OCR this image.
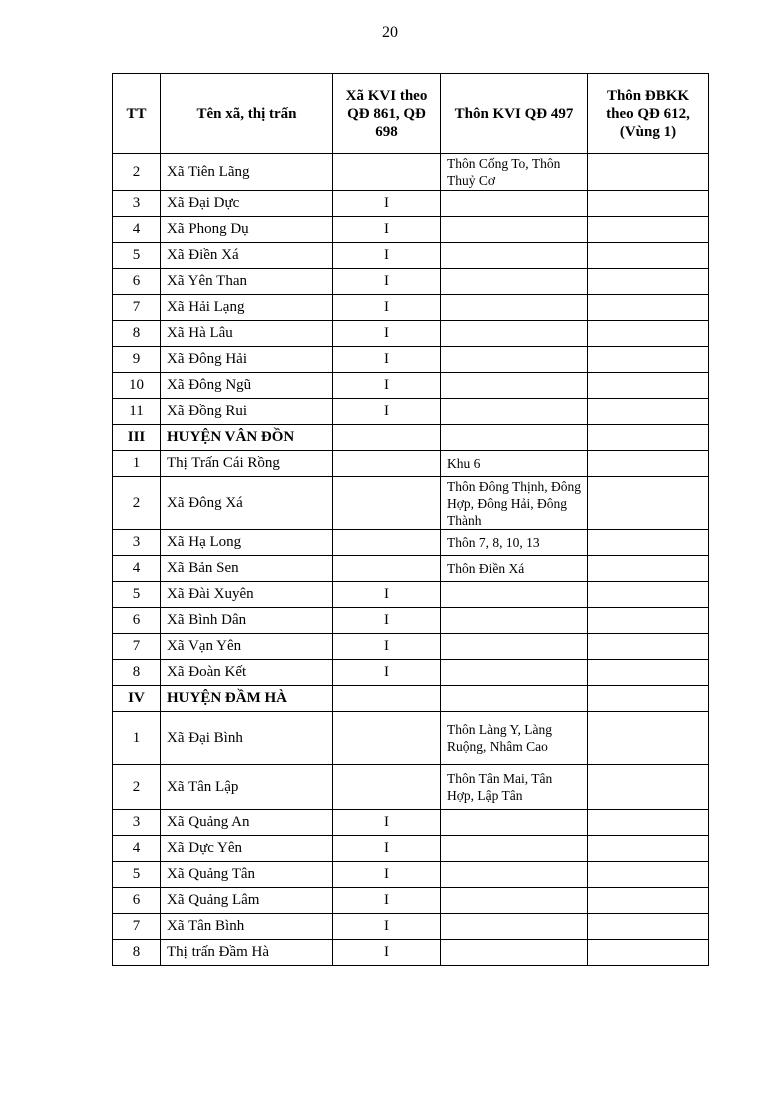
20
TT	Tên xã, thị trấn	Xã KVI theo QĐ 861, QĐ 698	Thôn KVI QĐ 497	Thôn ĐBKK theo QĐ 612, (Vùng 1)
2	Xã Tiên Lãng		Thôn Cống To, Thôn Thuỷ Cơ	
3	Xã Đại Dực	I		
4	Xã Phong Dụ	I		
5	Xã Điền Xá	I		
6	Xã Yên Than	I		
7	Xã Hải Lạng	I		
8	Xã Hà Lâu	I		
9	Xã Đông Hải	I		
10	Xã Đông Ngũ	I		
11	Xã Đồng Rui	I		
III	HUYỆN VÂN ĐỒN			
1	Thị Trấn Cái Rồng		Khu 6	
2	Xã Đông Xá		Thôn Đông Thịnh, Đông Hợp, Đông Hải, Đông Thành	
3	Xã Hạ Long		Thôn 7, 8, 10, 13	
4	Xã Bản Sen		Thôn Điền Xá	
5	Xã Đài Xuyên	I		
6	Xã Bình Dân	I		
7	Xã Vạn Yên	I		
8	Xã Đoàn Kết	I		
IV	HUYỆN ĐẦM HÀ			
1	Xã Đại Bình		Thôn Làng Y, Làng Ruộng, Nhâm Cao	
2	Xã Tân Lập		Thôn Tân Mai, Tân Hợp, Lập Tân	
3	Xã Quảng An	I		
4	Xã Dực Yên	I		
5	Xã Quảng Tân	I		
6	Xã Quảng Lâm	I		
7	Xã Tân Bình	I		
8	Thị trấn Đầm Hà	I		
